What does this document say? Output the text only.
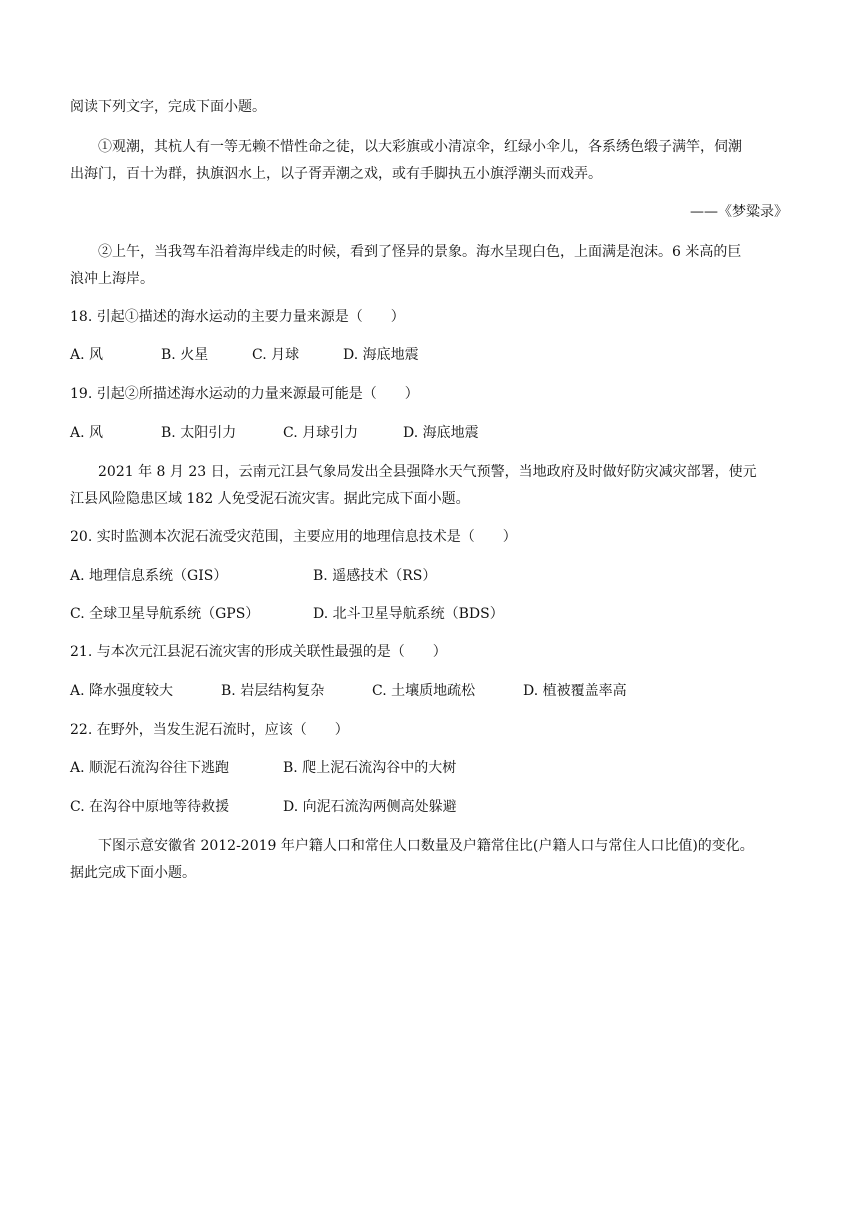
阅读下列文字，完成下面小题。
①观潮，其杭人有一等无赖不惜性命之徒，以大彩旗或小清凉伞，红绿小伞儿，各系绣色缎子满竿，伺潮
出海门，百十为群，执旗泅水上，以子胥弄潮之戏，或有手脚执五小旗浮潮头而戏弄。
——《梦粱录》
②上午，当我驾车沿着海岸线走的时候，看到了怪异的景象。海水呈现白色，上面满是泡沫。6 米高的巨
浪冲上海岸。
18. 引起①描述的海水运动的主要力量来源是（　　）
A. 风	B. 火星	C. 月球	D. 海底地震
19. 引起②所描述海水运动的力量来源最可能是（　　）
A. 风	B. 太阳引力	C. 月球引力	D. 海底地震
2021 年 8 月 23 日，云南元江县气象局发出全县强降水天气预警，当地政府及时做好防灾减灾部署，使元
江县风险隐患区域 182 人免受泥石流灾害。据此完成下面小题。
20. 实时监测本次泥石流受灾范围，主要应用的地理信息技术是（　　）
A. 地理信息系统（GIS）	B. 遥感技术（RS）
C. 全球卫星导航系统（GPS）	D. 北斗卫星导航系统（BDS）
21. 与本次元江县泥石流灾害的形成关联性最强的是（　　）
A. 降水强度较大	B. 岩层结构复杂	C. 土壤质地疏松	D. 植被覆盖率高
22. 在野外，当发生泥石流时，应该（　　）
A. 顺泥石流沟谷往下逃跑	B. 爬上泥石流沟谷中的大树
C. 在沟谷中原地等待救援	D. 向泥石流沟两侧高处躲避
下图示意安徽省 2012-2019 年户籍人口和常住人口数量及户籍常住比(户籍人口与常住人口比值)的变化。
据此完成下面小题。
